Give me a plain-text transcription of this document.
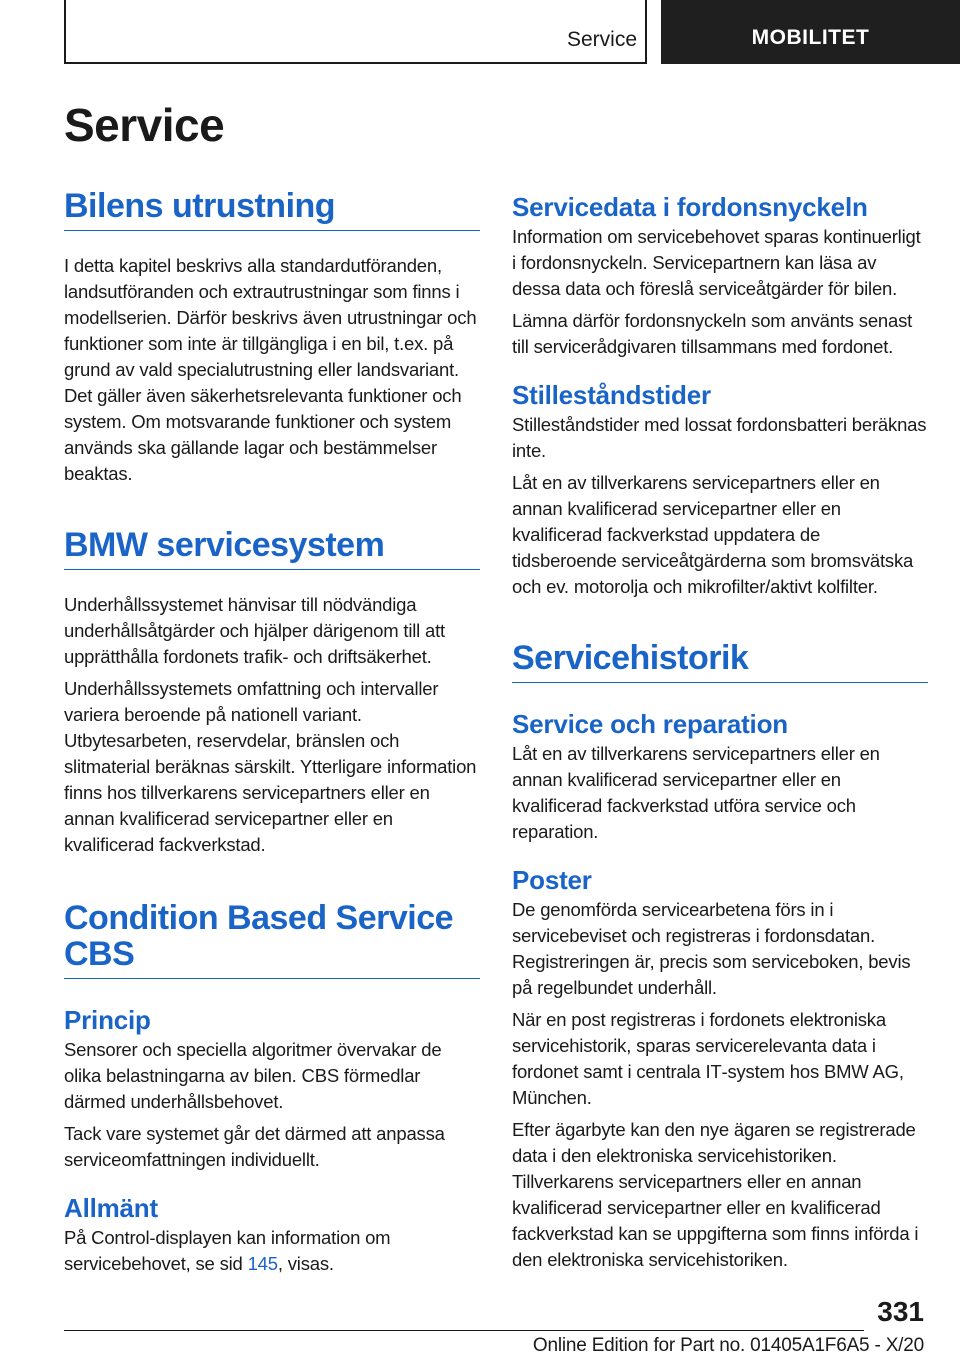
Service	MOBILITET
Service
Bilens utrustning

I detta kapitel beskrivs alla standardutföranden, landsutföranden och extrautrustningar som finns i modellserien. Därför beskrivs även utrustningar och funktioner som inte är tillgängliga i en bil, t.ex. på grund av vald specialutrustning eller landsvariant. Det gäller även säkerhetsrelevanta funktioner och system. Om motsvarande funktioner och system används ska gällande lagar och bestämmelser beaktas.

BMW servicesystem

Underhållssystemet hänvisar till nödvändiga underhållsåtgärder och hjälper därigenom till att upprätthålla fordonets trafik- och driftsäkerhet.

Underhållssystemets omfattning och intervaller variera beroende på nationell variant. Utbytesarbeten, reservdelar, bränslen och slitmaterial beräknas särskilt. Ytterligare information finns hos tillverkarens servicepartners eller en annan kvalificerad servicepartner eller en kvalificerad fackverkstad.

Condition Based Service CBS
Princip

Sensorer och speciella algoritmer övervakar de olika belastningarna av bilen. CBS förmedlar därmed underhållsbehovet.

Tack vare systemet går det därmed att anpassa serviceomfattningen individuellt.

Allmänt

På Control-displayen kan information om servicebehovet, se sid 145, visas.

Servicedata i fordonsnyckeln

Information om servicebehovet sparas kontinuerligt i fordonsnyckeln. Servicepartnern kan läsa av dessa data och föreslå serviceåtgärder för bilen.

Lämna därför fordonsnyckeln som använts senast till servicerådgivaren tillsammans med fordonet.

Stilleståndstider

Stilleståndstider med lossat fordonsbatteri beräknas inte.

Låt en av tillverkarens servicepartners eller en annan kvalificerad servicepartner eller en kvalificerad fackverkstad uppdatera de tidsberoende serviceåtgärderna som bromsvätska och ev. motorolja och mikrofilter/aktivt kolfilter.

Servicehistorik
Service och reparation

Låt en av tillverkarens servicepartners eller en annan kvalificerad servicepartner eller en kvalificerad fackverkstad utföra service och reparation.

Poster

De genomförda servicearbetena förs in i servicebeviset och registreras i fordonsdatan. Registreringen är, precis som serviceboken, bevis på regelbundet underhåll.

När en post registreras i fordonets elektroniska servicehistorik, sparas servicerelevanta data i fordonet samt i centrala IT‑system hos BMW AG, München.

Efter ägarbyte kan den nye ägaren se registrerade data i den elektroniska servicehistoriken. Tillverkarens servicepartners eller en annan kvalificerad servicepartner eller en kvalificerad fackverkstad kan se uppgifterna som finns införda i den elektroniska servicehistoriken.

331
Online Edition for Part no. 01405A1F6A5 - X/20
